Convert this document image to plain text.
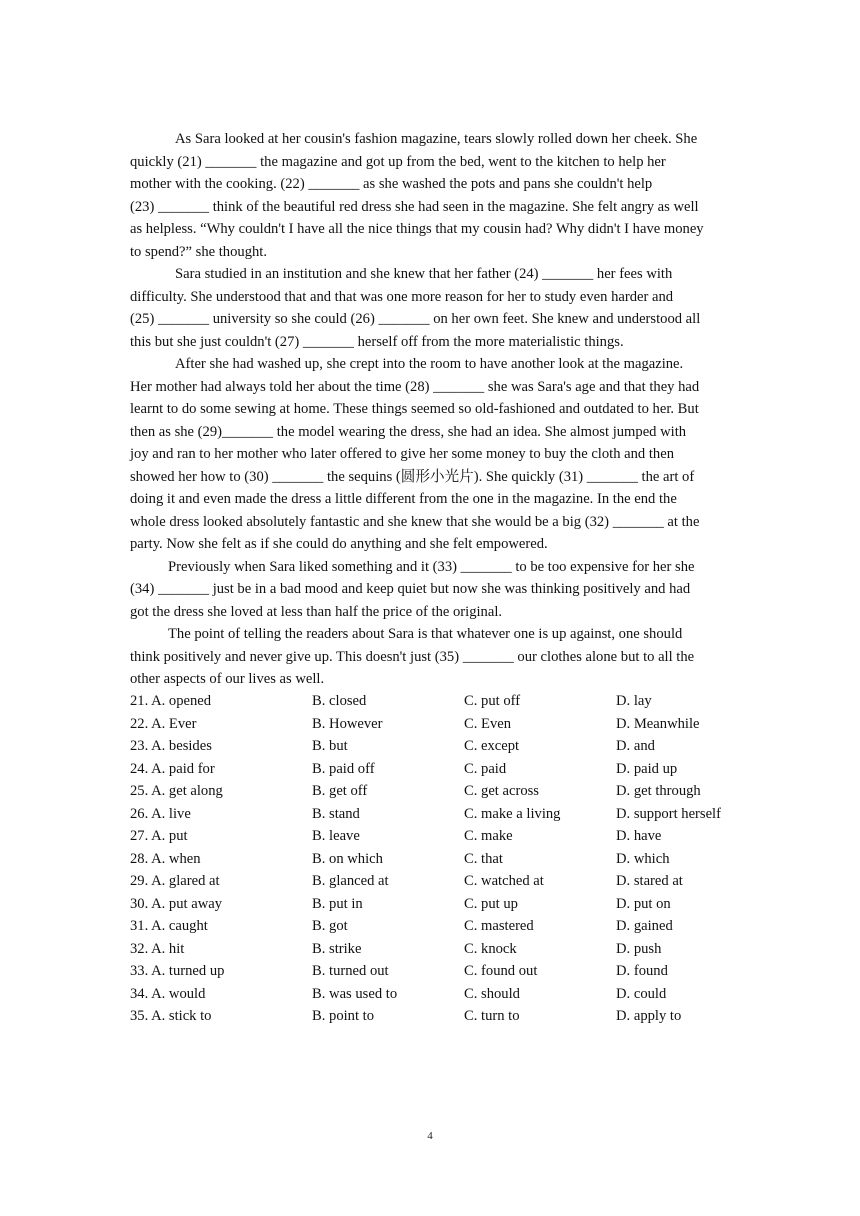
As Sara looked at her cousin's fashion magazine, tears slowly rolled down her cheek. She
quickly (21) _______ the magazine and got up from the bed, went to the kitchen to help her
mother with the cooking. (22) _______ as she washed the pots and pans she couldn't help
(23) _______ think of the beautiful red dress she had seen in the magazine. She felt angry as well
as helpless. “Why couldn't I have all the nice things that my cousin had? Why didn't I have money
to spend?” she thought.

Sara studied in an institution and she knew that her father (24) _______ her fees with
difficulty. She understood that and that was one more reason for her to study even harder and
(25) _______ university so she could (26) _______ on her own feet. She knew and understood all
this but she just couldn't (27) _______ herself off from the more materialistic things.

After she had washed up, she crept into the room to have another look at the magazine.
Her mother had always told her about the time (28) _______ she was Sara's age and that they had
learnt to do some sewing at home. These things seemed so old-fashioned and outdated to her. But
then as she (29)_______ the model wearing the dress, she had an idea. She almost jumped with
joy and ran to her mother who later offered to give her some money to buy the cloth and then
showed her how to (30) _______ the sequins (圆形小光片). She quickly (31) _______ the art of
doing it and even made the dress a little different from the one in the magazine. In the end the
whole dress looked absolutely fantastic and she knew that she would be a big (32) _______ at the
party. Now she felt as if she could do anything and she felt empowered.

Previously when Sara liked something and it (33) _______ to be too expensive for her she
(34) _______ just be in a bad mood and keep quiet but now she was thinking positively and had
got the dress she loved at less than half the price of the original.

The point of telling the readers about Sara is that whatever one is up against, one should
think positively and never give up. This doesn't just (35) _______ our clothes alone but to all the
other aspects of our lives as well.

21. A. opened	B. closed	C. put off	D. lay
22. A. Ever	B. However	C. Even	D. Meanwhile
23. A. besides	B. but	C. except	D. and
24. A. paid for	B. paid off	C. paid	D. paid up
25. A. get along	B. get off	C. get across	D. get through
26. A. live	B. stand	C. make a living	D. support herself
27. A. put	B. leave	C. make	D. have
28. A. when	B. on which	C. that	D. which
29. A. glared at	B. glanced at	C. watched at	D. stared at
30. A. put away	B. put in	C. put up	D. put on
31. A. caught	B. got	C. mastered	D. gained
32. A. hit	B. strike	C. knock	D. push
33. A. turned up	B. turned out	C. found out	D. found
34. A. would	B. was used to	C. should	D. could
35. A. stick to	B. point to	C. turn to	D. apply to
4
